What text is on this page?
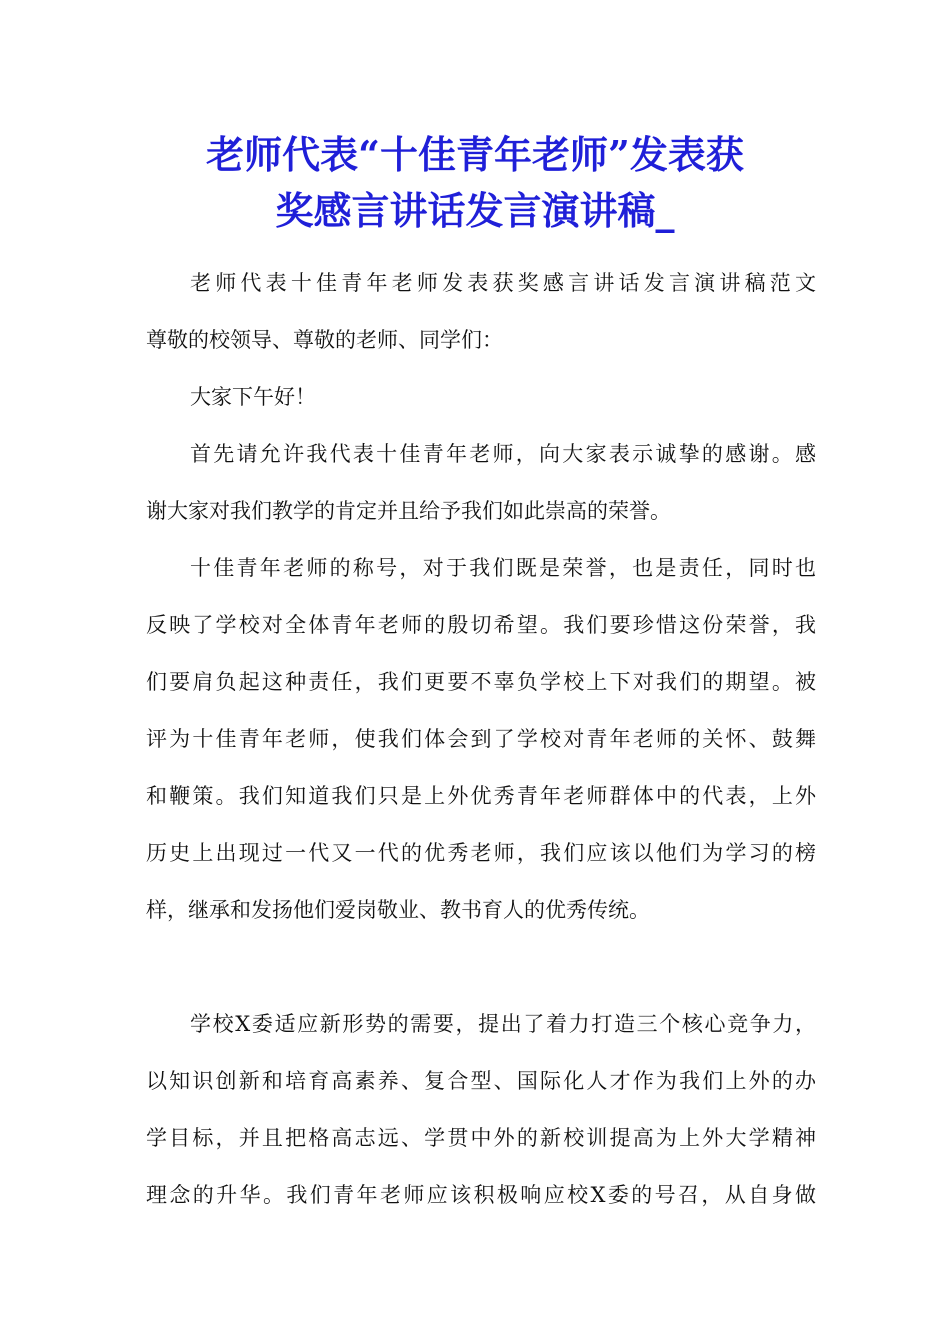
老师代表“十佳青年老师”发表获
奖感言讲话发言演讲稿_

老师代表十佳青年老师发表获奖感言讲话发言演讲稿范文

尊敬的校领导、尊敬的老师、同学们：

大家下午好！

首先请允许我代表十佳青年老师，向大家表示诚挚的感谢。感

谢大家对我们教学的肯定并且给予我们如此崇高的荣誉。

十佳青年老师的称号，对于我们既是荣誉，也是责任，同时也

反映了学校对全体青年老师的殷切希望。我们要珍惜这份荣誉，我

们要肩负起这种责任，我们更要不辜负学校上下对我们的期望。被

评为十佳青年老师，使我们体会到了学校对青年老师的关怀、鼓舞

和鞭策。我们知道我们只是上外优秀青年老师群体中的代表，上外

历史上出现过一代又一代的优秀老师，我们应该以他们为学习的榜

样，继承和发扬他们爱岗敬业、教书育人的优秀传统。

学校X委适应新形势的需要，提出了着力打造三个核心竞争力，

以知识创新和培育高素养、复合型、国际化人才作为我们上外的办

学目标，并且把格高志远、学贯中外的新校训提高为上外大学精神

理念的升华。我们青年老师应该积极响应校X委的号召，从自身做
